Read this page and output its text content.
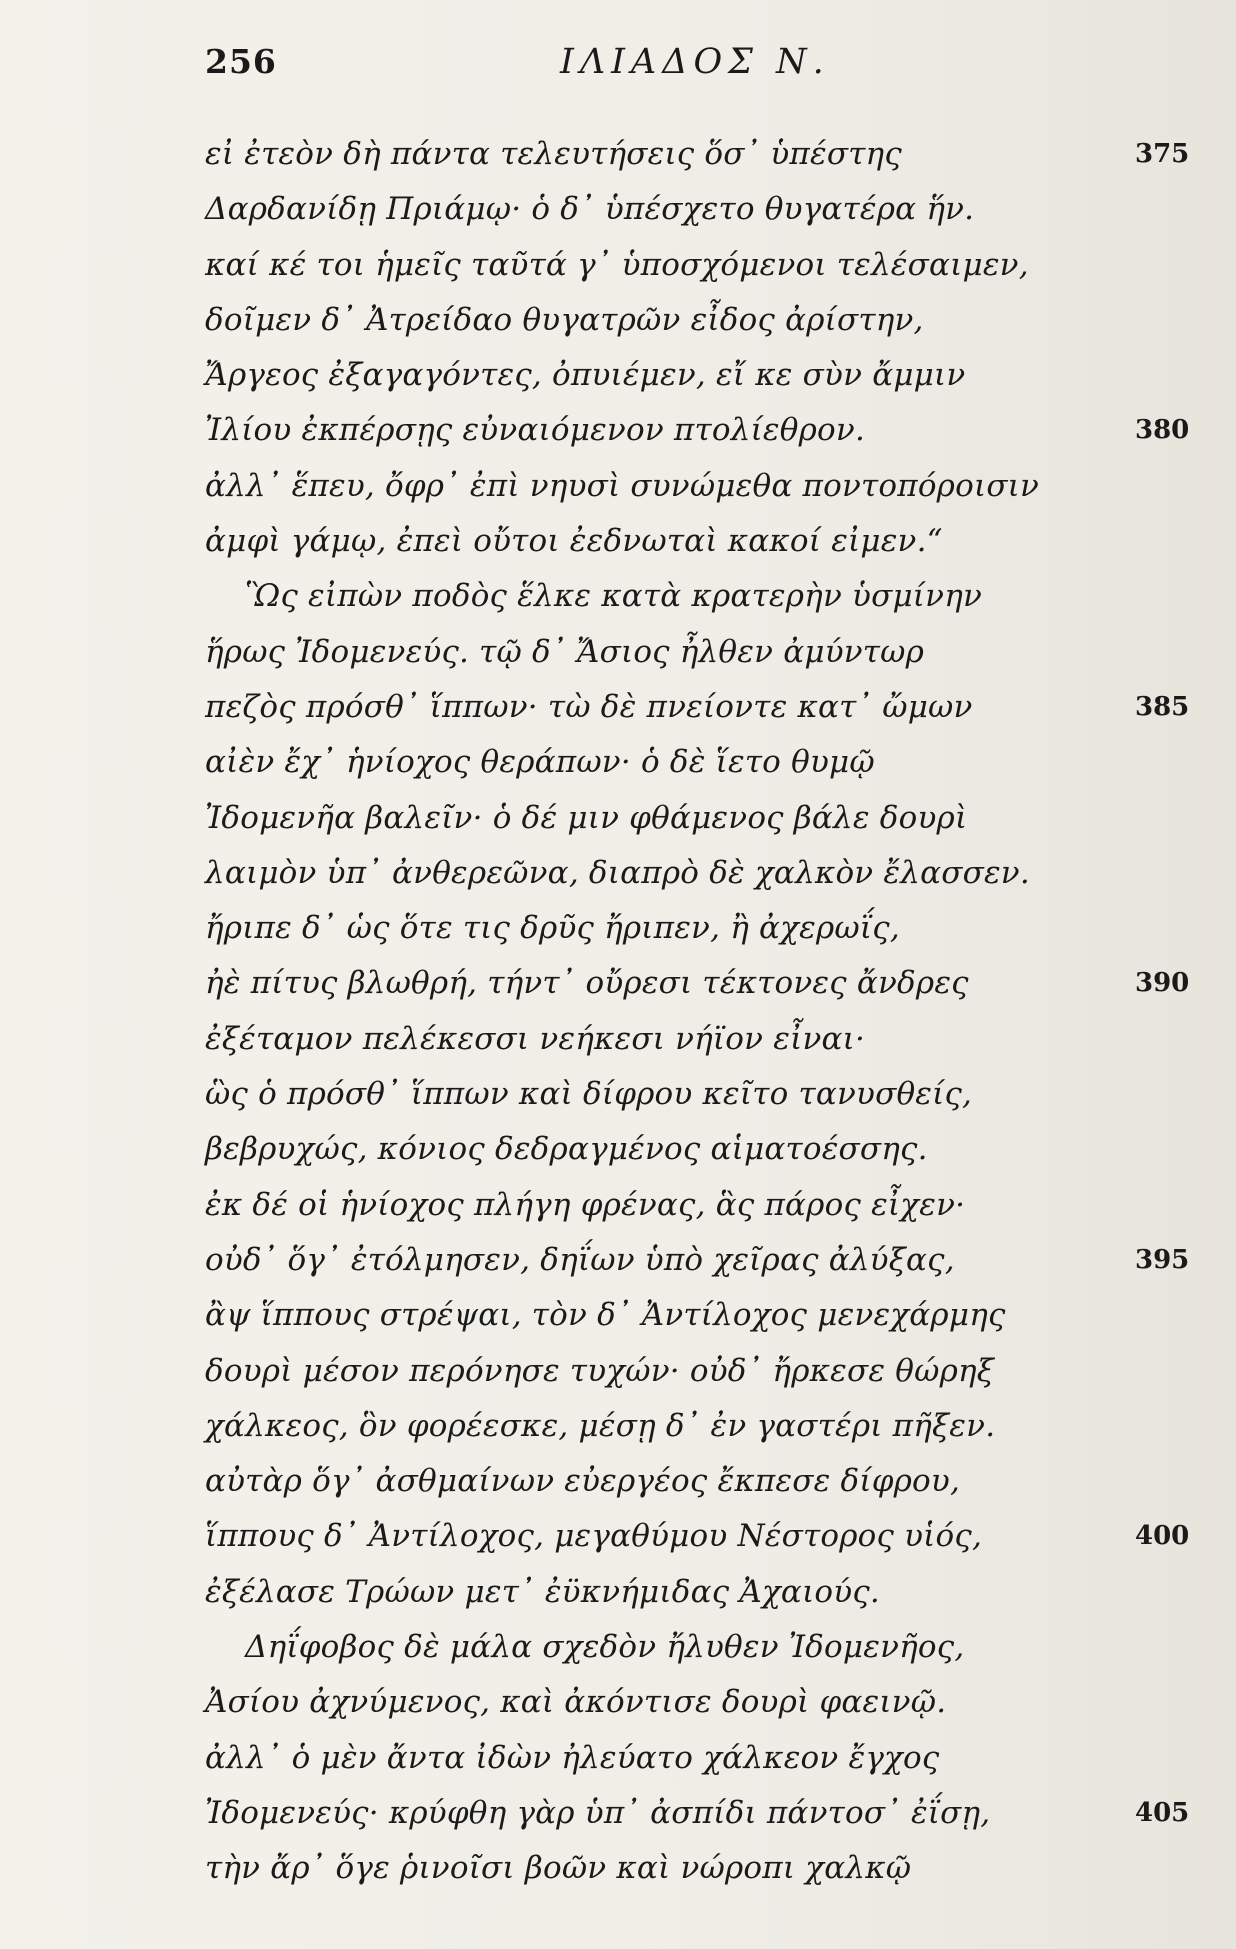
256	ΙΛΙΑΔΟΣ Ν.
εἰ ἐτεὸν δὴ πάντα τελευτήσεις ὅσ᾽ ὑπέστης	375
Δαρδανίδῃ Πριάμῳ· ὁ δ᾽ ὑπέσχετο θυγατέρα ἥν.
καί κέ τοι ἡμεῖς ταῦτά γ᾽ ὑποσχόμενοι τελέσαιμεν,
δοῖμεν δ᾽ Ἀτρείδαο θυγατρῶν εἶδος ἀρίστην,
Ἄργεος ἐξαγαγόντες, ὀπυιέμεν, εἴ κε σὺν ἄμμιν
Ἰλίου ἐκπέρσῃς εὐναιόμενον πτολίεθρον.	380
ἀλλ᾽ ἕπευ, ὄφρ᾽ ἐπὶ νηυσὶ συνώμεθα ποντοπόροισιν
ἀμφὶ γάμῳ, ἐπεὶ οὔτοι ἐεδνωταὶ κακοί εἰμεν.“
Ὣς εἰπὼν ποδὸς ἕλκε κατὰ κρατερὴν ὑσμίνην
ἥρως Ἰδομενεύς. τῷ δ᾽ Ἄσιος ἦλθεν ἀμύντωρ
πεζὸς πρόσθ᾽ ἵππων· τὼ δὲ πνείοντε κατ᾽ ὤμων	385
αἰὲν ἔχ᾽ ἡνίοχος θεράπων· ὁ δὲ ἵετο θυμῷ
Ἰδομενῆα βαλεῖν· ὁ δέ μιν φθάμενος βάλε δουρὶ
λαιμὸν ὑπ᾽ ἀνθερεῶνα, διαπρὸ δὲ χαλκὸν ἔλασσεν.
ἤριπε δ᾽ ὡς ὅτε τις δρῦς ἤριπεν, ἢ ἀχερωΐς,
ἠὲ πίτυς βλωθρή, τήντ᾽ οὔρεσι τέκτονες ἄνδρες	390
ἐξέταμον πελέκεσσι νεήκεσι νήϊον εἶναι·
ὣς ὁ πρόσθ᾽ ἵππων καὶ δίφρου κεῖτο τανυσθείς,
βεβρυχώς, κόνιος δεδραγμένος αἱματοέσσης.
ἐκ δέ οἱ ἡνίοχος πλήγη φρένας, ἃς πάρος εἶχεν·
οὐδ᾽ ὅγ᾽ ἐτόλμησεν, δηΐων ὑπὸ χεῖρας ἀλύξας,	395
ἂψ ἵππους στρέψαι, τὸν δ᾽ Ἀντίλοχος μενεχάρμης
δουρὶ μέσον περόνησε τυχών· οὐδ᾽ ἤρκεσε θώρηξ
χάλκεος, ὃν φορέεσκε, μέσῃ δ᾽ ἐν γαστέρι πῆξεν.
αὐτὰρ ὅγ᾽ ἀσθμαίνων εὐεργέος ἔκπεσε δίφρου,
ἵππους δ᾽ Ἀντίλοχος, μεγαθύμου Νέστορος υἱός,	400
ἐξέλασε Τρώων μετ᾽ ἐϋκνήμιδας Ἀχαιούς.
Δηΐφοβος δὲ μάλα σχεδὸν ἤλυθεν Ἰδομενῆος,
Ἀσίου ἀχνύμενος, καὶ ἀκόντισε δουρὶ φαεινῷ.
ἀλλ᾽ ὁ μὲν ἄντα ἰδὼν ἠλεύατο χάλκεον ἔγχος
Ἰδομενεύς· κρύφθη γὰρ ὑπ᾽ ἀσπίδι πάντοσ᾽ ἐΐσῃ,	405
τὴν ἄρ᾽ ὅγε ῥινοῖσι βοῶν καὶ νώροπι χαλκῷ
